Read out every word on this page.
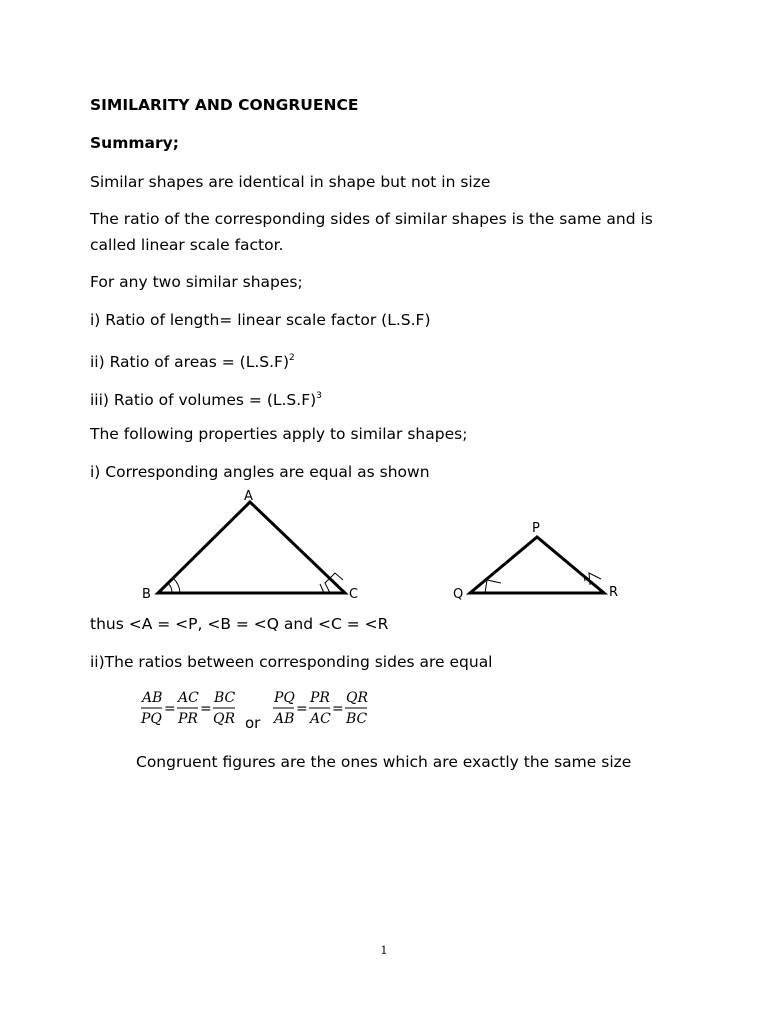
SIMILARITY AND CONGRUENCE
Summary;
Similar shapes are identical in shape but not in size
The ratio of the corresponding sides of similar shapes is the same and is
called linear scale factor.
For any two similar shapes;
i) Ratio of length= linear scale factor (L.S.F)
ii) Ratio of areas = $(L.S.F)^2$
iii) Ratio of volumes = $(L.S.F)^3$
The following properties apply to similar shapes;
i) Corresponding angles are equal as shown
A
B	C
P
Q	R
thus <A = <P, <B = <Q and <C = <R
ii)The ratios between corresponding sides are equal
AB
PQ
=
AC
PR
=
BC
QR or
PQ
AB
=
PR
AC
=
QR
BC
Congruent figures are the ones which are exactly the same size
1
